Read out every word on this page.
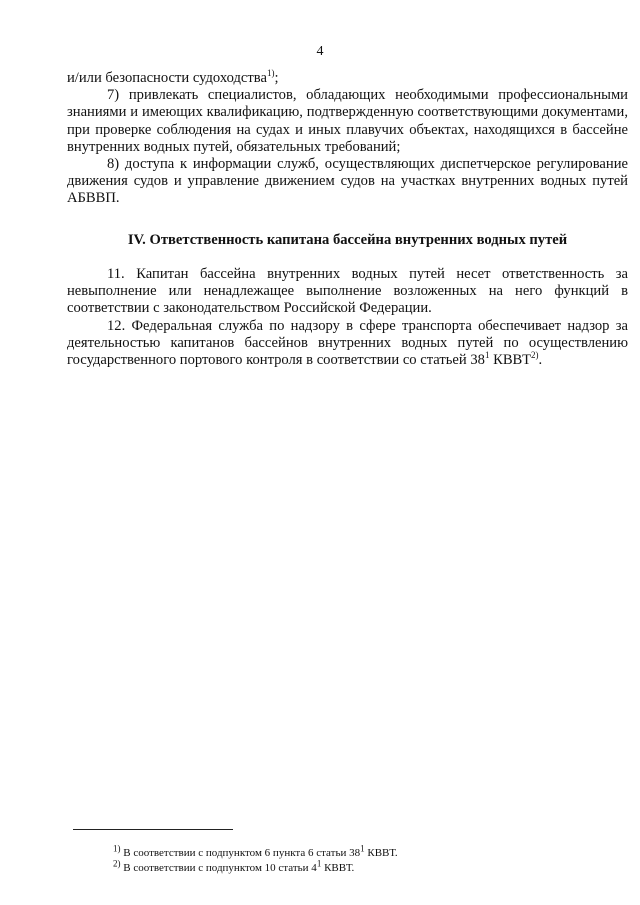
4

и/или безопасности судоходства$^{1)}$;

7) привлекать специалистов, обладающих необходимыми профессиональными знаниями и имеющих квалификацию, подтвержденную соответствующими документами, при проверке соблюдения на судах и иных плавучих объектах, находящихся в бассейне внутренних водных путей, обязательных требований;

8) доступа к информации служб, осуществляющих диспетчерское регулирование движения судов и управление движением судов на участках внутренних водных путей АБВВП.

IV. Ответственность капитана бассейна внутренних водных путей

11. Капитан бассейна внутренних водных путей несет ответственность за невыполнение или ненадлежащее выполнение возложенных на него функций в соответствии с законодательством Российской Федерации.

12. Федеральная служба по надзору в сфере транспорта обеспечивает надзор за деятельностью капитанов бассейнов внутренних водных путей по осуществлению государственного портового контроля в соответствии со статьей $38^1$ КВВТ$^{2)}$.

$^{1)}$ В соответствии с подпунктом 6 пункта 6 статьи $38^1$ КВВТ.

$^{2)}$ В соответствии с подпунктом 10 статьи $4^1$ КВВТ.
